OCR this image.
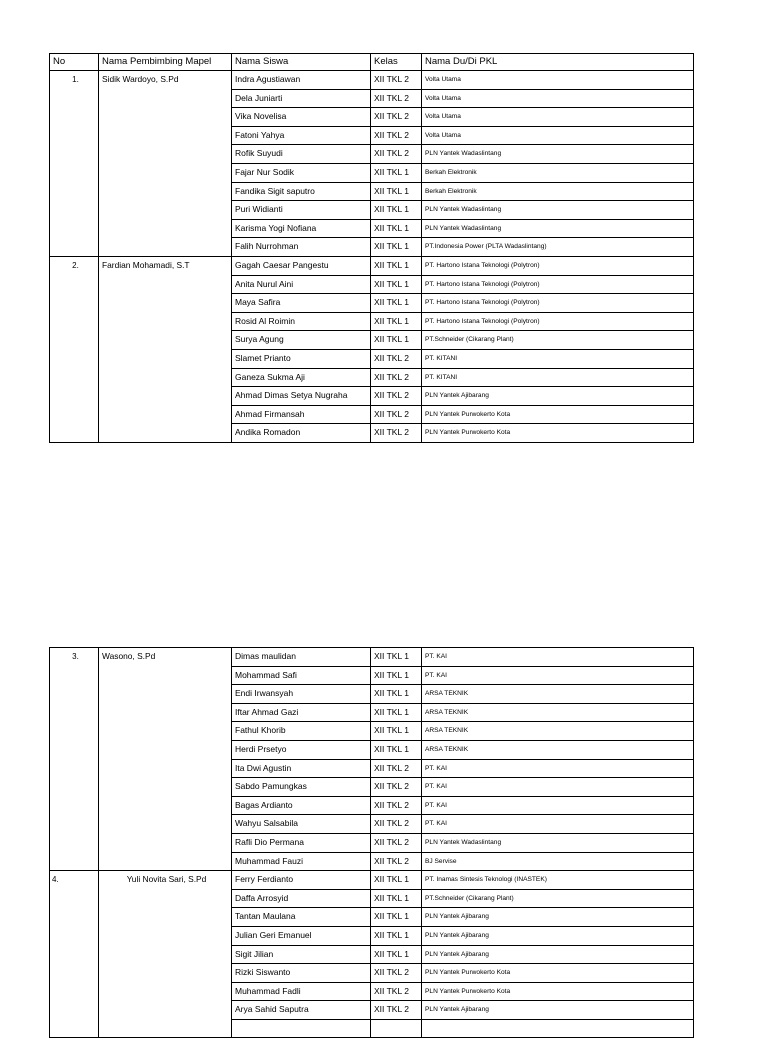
No	Nama Pembimbing Mapel	Nama Siswa	Kelas	Nama Du/Di PKL
1.	Sidik Wardoyo, S.Pd	Indra Agustiawan	XII TKL 2	Volta Utama
		Dela Juniarti	XII TKL 2	Volta Utama
		Vika Novelisa	XII TKL 2	Volta Utama
		Fatoni Yahya	XII TKL 2	Volta Utama
		Rofik Suyudi	XII TKL 2	PLN Yantek Wadaslintang
		Fajar Nur Sodik	XII TKL 1	Berkah Elektronik
		Fandika Sigit saputro	XII TKL 1	Berkah Elektronik
		Puri Widianti	XII TKL 1	PLN Yantek Wadaslintang
		Karisma Yogi Nofiana	XII TKL 1	PLN Yantek Wadaslintang
		Falih Nurrohman	XII TKL 1	PT.Indonesia Power (PLTA Wadaslintang)
2.	Fardian Mohamadi, S.T	Gagah Caesar Pangestu	XII TKL 1	PT. Hartono Istana Teknologi (Polytron)
		Anita Nurul Aini	XII TKL 1	PT. Hartono Istana Teknologi (Polytron)
		Maya Safira	XII TKL 1	PT. Hartono Istana Teknologi (Polytron)
		Rosid Al Roimin	XII TKL 1	PT. Hartono Istana Teknologi (Polytron)
		Surya Agung	XII TKL 1	PT.Schneider (Cikarang Plant)
		Slamet Prianto	XII TKL 2	PT. KITANI
		Ganeza Sukma Aji	XII TKL 2	PT. KITANI
		Ahmad Dimas Setya Nugraha	XII TKL 2	PLN Yantek Ajibarang
		Ahmad Firmansah	XII TKL 2	PLN Yantek Purwokerto Kota
		Andika Romadon	XII TKL 2	PLN Yantek Purwokerto Kota
3.	Wasono, S.Pd	Dimas maulidan	XII TKL 1	PT. KAI
		Mohammad Safi	XII TKL 1	PT. KAI
		Endi Irwansyah	XII TKL 1	ARSA TEKNIK
		Iftar Ahmad Gazi	XII TKL 1	ARSA TEKNIK
		Fathul Khorib	XII TKL 1	ARSA TEKNIK
		Herdi Prsetyo	XII TKL 1	ARSA TEKNIK
		Ita Dwi Agustin	XII TKL 2	PT. KAI
		Sabdo Pamungkas	XII TKL 2	PT. KAI
		Bagas Ardianto	XII TKL 2	PT. KAI
		Wahyu Salsabila	XII TKL 2	PT. KAI
		Rafli Dio Permana	XII TKL 2	PLN Yantek Wadaslintang
		Muhammad Fauzi	XII TKL 2	BJ Servise
4.	Yuli Novita Sari, S.Pd	Ferry Ferdianto	XII TKL 1	PT. Inamas Sintesis Teknologi (INASTEK)
		Daffa Arrosyid	XII TKL 1	PT.Schneider (Cikarang Plant)
		Tantan Maulana	XII TKL 1	PLN Yantek Ajibarang
		Julian Geri Emanuel	XII TKL 1	PLN Yantek Ajibarang
		Sigit Jilian	XII TKL 1	PLN Yantek Ajibarang
		Rizki Siswanto	XII TKL 2	PLN Yantek Purwokerto Kota
		Muhammad Fadli	XII TKL 2	PLN Yantek Purwokerto Kota
		Arya Sahid Saputra	XII TKL 2	PLN Yantek Ajibarang
